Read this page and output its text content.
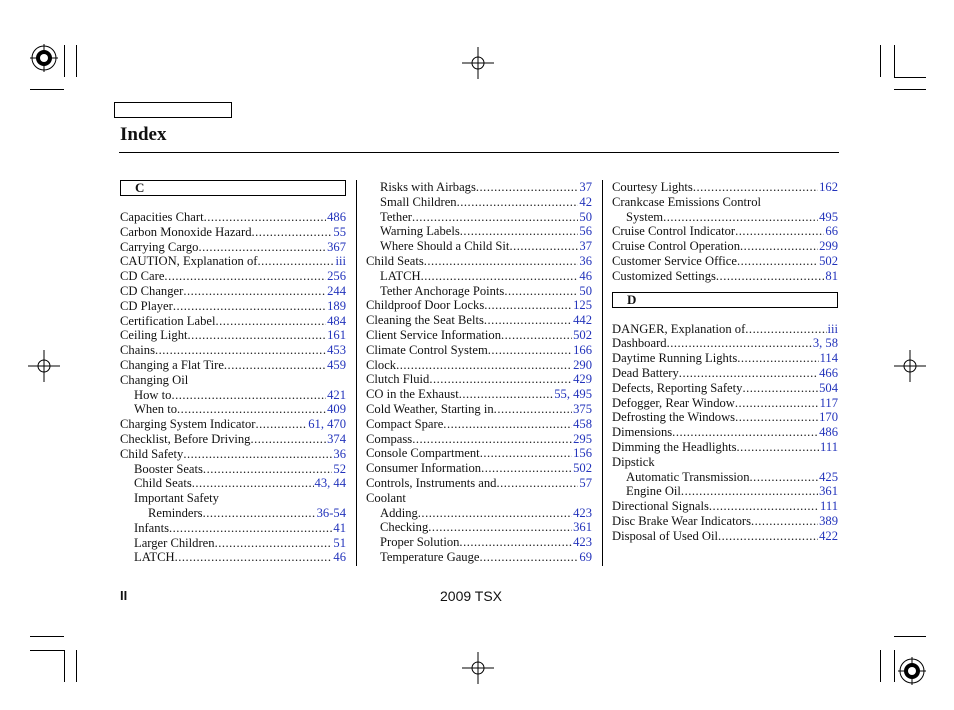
Index
C
Capacities Chart .....	486
Carbon Monoxide Hazard .....	55
Carrying Cargo .....	367
CAUTION, Explanation of .....	iii
CD Care .....	256
CD Changer .....	244
CD Player .....	189
Certification Label .....	484
Ceiling Light .....	161
Chains .....	453
Changing a Flat Tire .....	459
Changing Oil
How to .....	421
When to .....	409
Charging System Indicator .....	61, 470
Checklist, Before Driving .....	374
Child Safety .....	36
Booster Seats .....	52
Child Seats .....	43, 44
Important Safety
Reminders .....	36-54
Infants .....	41
Larger Children .....	51
LATCH .....	46
Risks with Airbags .....	37
Small Children .....	42
Tether .....	50
Warning Labels .....	56
Where Should a Child Sit .....	37
Child Seats .....	36
LATCH .....	46
Tether Anchorage Points .....	50
Childproof Door Locks .....	125
Cleaning the Seat Belts .....	442
Client Service Information .....	502
Climate Control System .....	166
Clock .....	290
Clutch Fluid .....	429
CO in the Exhaust .....	55, 495
Cold Weather, Starting in .....	375
Compact Spare .....	458
Compass .....	295
Console Compartment .....	156
Consumer Information .....	502
Controls, Instruments and .....	57
Coolant
Adding .....	423
Checking .....	361
Proper Solution .....	423
Temperature Gauge .....	69
Courtesy Lights .....	162
Crankcase Emissions Control
System .....	495
Cruise Control Indicator .....	66
Cruise Control Operation .....	299
Customer Service Office .....	502
Customized Settings .....	81
D
DANGER, Explanation of .....	iii
Dashboard .....	3, 58
Daytime Running Lights .....	114
Dead Battery .....	466
Defects, Reporting Safety .....	504
Defogger, Rear Window .....	117
Defrosting the Windows .....	170
Dimensions .....	486
Dimming the Headlights .....	111
Dipstick
Automatic Transmission .....	425
Engine Oil .....	361
Directional Signals .....	111
Disc Brake Wear Indicators .....	389
Disposal of Used Oil .....	422
II	2009 TSX
